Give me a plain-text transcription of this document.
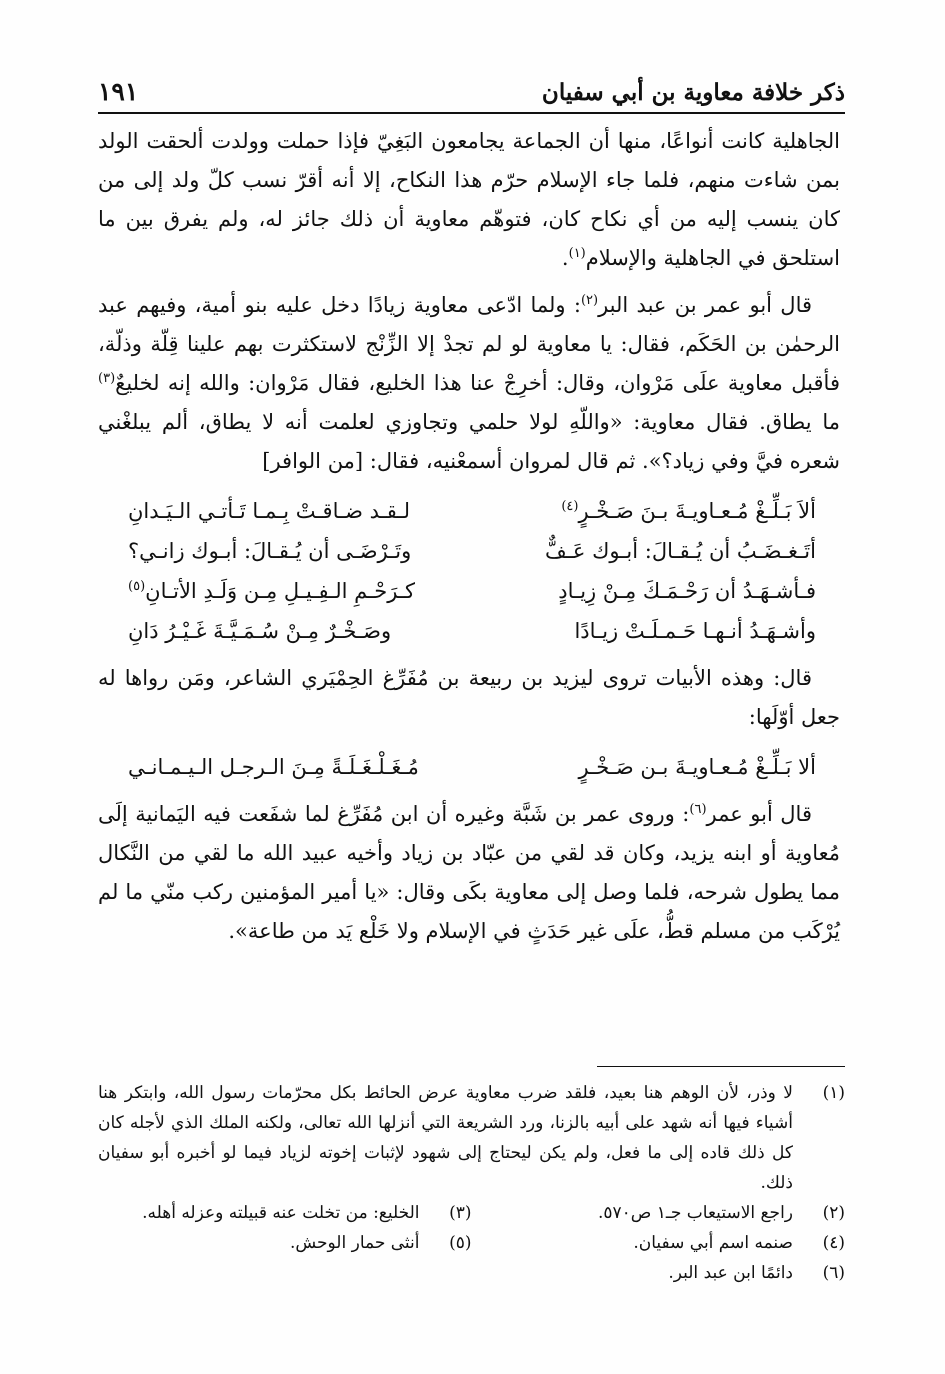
ذكر خلافة معاوية بن أبي سفيان
١٩١

الجاهلية كانت أنواعًا، منها أن الجماعة يجامعون البَغِيّ فإذا حملت وولدت ألحقت الولد بمن شاءت منهم، فلما جاء الإسلام حرّم هذا النكاح، إلا أنه أقرّ نسب كلّ ولد إلى من كان ينسب إليه من أي نكاح كان، فتوهّم معاوية أن ذلك جائز له، ولم يفرق بين ما استلحق في الجاهلية والإسلام$^{(١)}$.

قال أبو عمر بن عبد البر$^{(٢)}$: ولما ادّعى معاوية زيادًا دخل عليه بنو أمية، وفيهم عبد الرحمٰن بن الحَكَم، فقال: يا معاوية لو لم تجدْ إلا الزِّنْج لاستكثرت بهم علينا قِلّة وذلّة، فأقبل معاوية علَى مَرْوان، وقال: أخرِجْ عنا هذا الخليع، فقال مَرْوان: والله إنه لخليعٌ$^{(٣)}$ ما يطاق. فقال معاوية: «واللّهِ لولا حلمي وتجاوزي لعلمت أنه لا يطاق، ألم يبلغْني شعره فيَّ وفي زياد؟». ثم قال لمروان أسمعْنيه، فقال: [من الوافر]

ألاَ بَـلِّـغْ مُـعـاويـةَ بـنَ صَـخْـرٍ$^{(٤)}$
لـقـد ضـاقـتْ بِـمـا تَـأتـي الـيَـدانِ
أتَـغـضَـبُ أن يُـقـالَ: أبـوك عَـفٌّ
وتَـرْضَـى أن يُـقـالَ: أبـوك زانـي؟
فـأشـهَـدُ أن رَحْـمَـكَ مِـنْ زِيـادٍ
كـرَحْـمِ الـفِـيـلِ مِـن وَلَـدِ الأتـانِ$^{(٥)}$
وأشـهَـدُ أنـهـا حَـمـلَـتْ زيـادًا
وصَـخْـرٌ مِـنْ سُـمَـيَّـةَ غَـيْـرُ دَانِ

قال: وهذه الأبيات تروى ليزيد بن ربيعة بن مُفَرِّغ الحِمْيَري الشاعر، ومَن رواها له جعل أوّلَها:

ألا بَـلِّـغْ مُـعـاويـةَ بـن صَـخْـرٍ
مُـغَـلْـغَـلَـةً مِـنَ الـرجـل الـيـمـانـي

قال أبو عمر$^{(٦)}$: وروى عمر بن شَبَّة وغيره أن ابن مُفَرِّغ لما شفَعت فيه اليَمانية إلَى مُعاوية أو ابنه يزيد، وكان قد لقي من عبّاد بن زياد وأخيه عبيد الله ما لقي من النَّكال مما يطول شرحه، فلما وصل إلى معاوية بكَى وقال: «يا أمير المؤمنين ركب منّي ما لم يُرْكَب من مسلم قطُّ، علَى غير حَدَثٍ في الإسلام ولا خَلْع يَد من طاعة».

(١)
لا وذر، لأن الوهم هنا بعيد، فلقد ضرب معاوية عرض الحائط بكل محرّمات رسول الله، وابتكر هنا أشياء فيها أنه شهد على أبيه بالزنا، ورد الشريعة التي أنزلها الله تعالى، ولكنه الملك الذي لأجله كان كل ذلك قاده إلى ما فعل، ولم يكن ليحتاج إلى شهود لإثبات إخوته لزياد فيما لو أخبره أبو سفيان ذلك.
(٢)
راجع الاستيعاب جـ١ ص٥٧٠.
(٣)
الخليع: من تخلت عنه قبيلته وعزله أهله.
(٤)
صنمه اسم أبي سفيان.
(٥)
أنثى حمار الوحش.
(٦)
دائمًا ابن عبد البر.
